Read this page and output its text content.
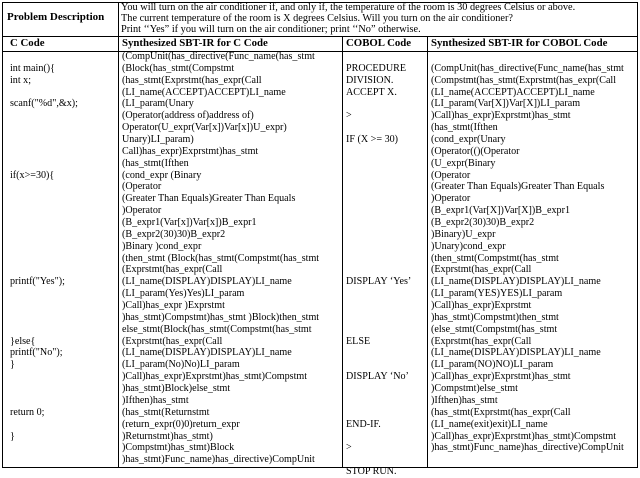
Problem Description
You will turn on the air conditioner if, and only if, the temperature of the room is 30 degrees Celsius or above.
The current temperature of the room is X degrees Celsius. Will you turn on the air conditioner?
Print ‘‘Yes” if you will turn on the air conditioner; print ‘‘No” otherwise.
C Code	Synthesized SBT-IR for C Code	COBOL Code Synthesized SBT-IR for COBOL Code
int main(){
int x;
scanf("%d",&x);
if(x>=30){
printf("Yes");
}else{
printf("No");
}
return 0;
}
(CompUnit(has_directive(Func_name(has_stmt
(Block(has_stmt(Compstmt
(has_stmt(Exprstmt(has_expr(Call
(LI_name(ACCEPT)ACCEPT)LI_name
(LI_param(Unary
(Operator(address of)address of)
Operator(U_expr(Var[x])Var[x])U_expr)
Unary)LI_param)
Call)has_expr)Exprstmt)has_stmt
(has_stmt(Ifthen
(cond_expr (Binary
(Operator
(Greater Than Equals)Greater Than Equals
)Operator
(B_expr1(Var[x])Var[x])B_expr1
(B_expr2(30)30)B_expr2
)Binary )cond_expr
(then_stmt (Block(has_stmt(Compstmt(has_stmt
(Exprstmt(has_expr(Call
(LI_name(DISPLAY)DISPLAY)LI_name
(LI_param(Yes)Yes)LI_param
)Call)has_expr )Exprstmt
)has_stmt)Compstmt)has_stmt )Block)then_stmt
else_stmt(Block(has_stmt(Compstmt(has_stmt
(Exprstmt(has_expr(Call
(LI_name(DISPLAY)DISPLAY)LI_name
(LI_param(No)No)LI_param
)Call)has_expr)Exprstmt)has_stmt)Compstmt
)has_stmt)Block)else_stmt
)Ifthen)has_stmt
(has_stmt(Returnstmt
(return_expr(0)0)return_expr
)Returnstmt)has_stmt)
)Compstmt)has_stmt)Block
)has_stmt)Func_name)has_directive)CompUnit
PROCEDURE
DIVISION.
ACCEPT X.
>
IF (X >= 30)
DISPLAY ‘Yes’
ELSE
DISPLAY ‘No’
END-IF.
>
STOP RUN.
(CompUnit(has_directive(Func_name(has_stmt
(Compstmt(has_stmt(Exprstmt(has_expr(Call
(LI_name(ACCEPT)ACCEPT)LI_name
(LI_param(Var[X])Var[X])LI_param
)Call)has_expr)Exprstmt)has_stmt
(has_stmt(Ifthen
(cond_expr(Unary
(Operator(()(Operator
(U_expr(Binary
(Operator
(Greater Than Equals)Greater Than Equals
)Operator
(B_expr1(Var[X])Var[X])B_expr1
(B_expr2(30)30)B_expr2
)Binary)U_expr
)Unary)cond_expr
(then_stmt(Compstmt(has_stmt
(Exprstmt(has_expr(Call
(LI_name(DISPLAY)DISPLAY)LI_name
(LI_param(YES)YES)LI_param
)Call)has_expr)Exprstmt
)has_stmt)Compstmt)then_stmt
(else_stmt(Compstmt(has_stmt
(Exprstmt(has_expr(Call
(LI_name(DISPLAY)DISPLAY)LI_name
(LI_param(NO)NO)LI_param
)Call)has_expr)Exprstmt)has_stmt
)Compstmt)else_stmt
)Ifthen)has_stmt
(has_stmt(Exprstmt(has_expr(Call
(LI_name(exit)exit)LI_name
)Call)has_expr)Exprstmt)has_stmt)Compstmt
)has_stmt)Func_name)has_directive)CompUnit
